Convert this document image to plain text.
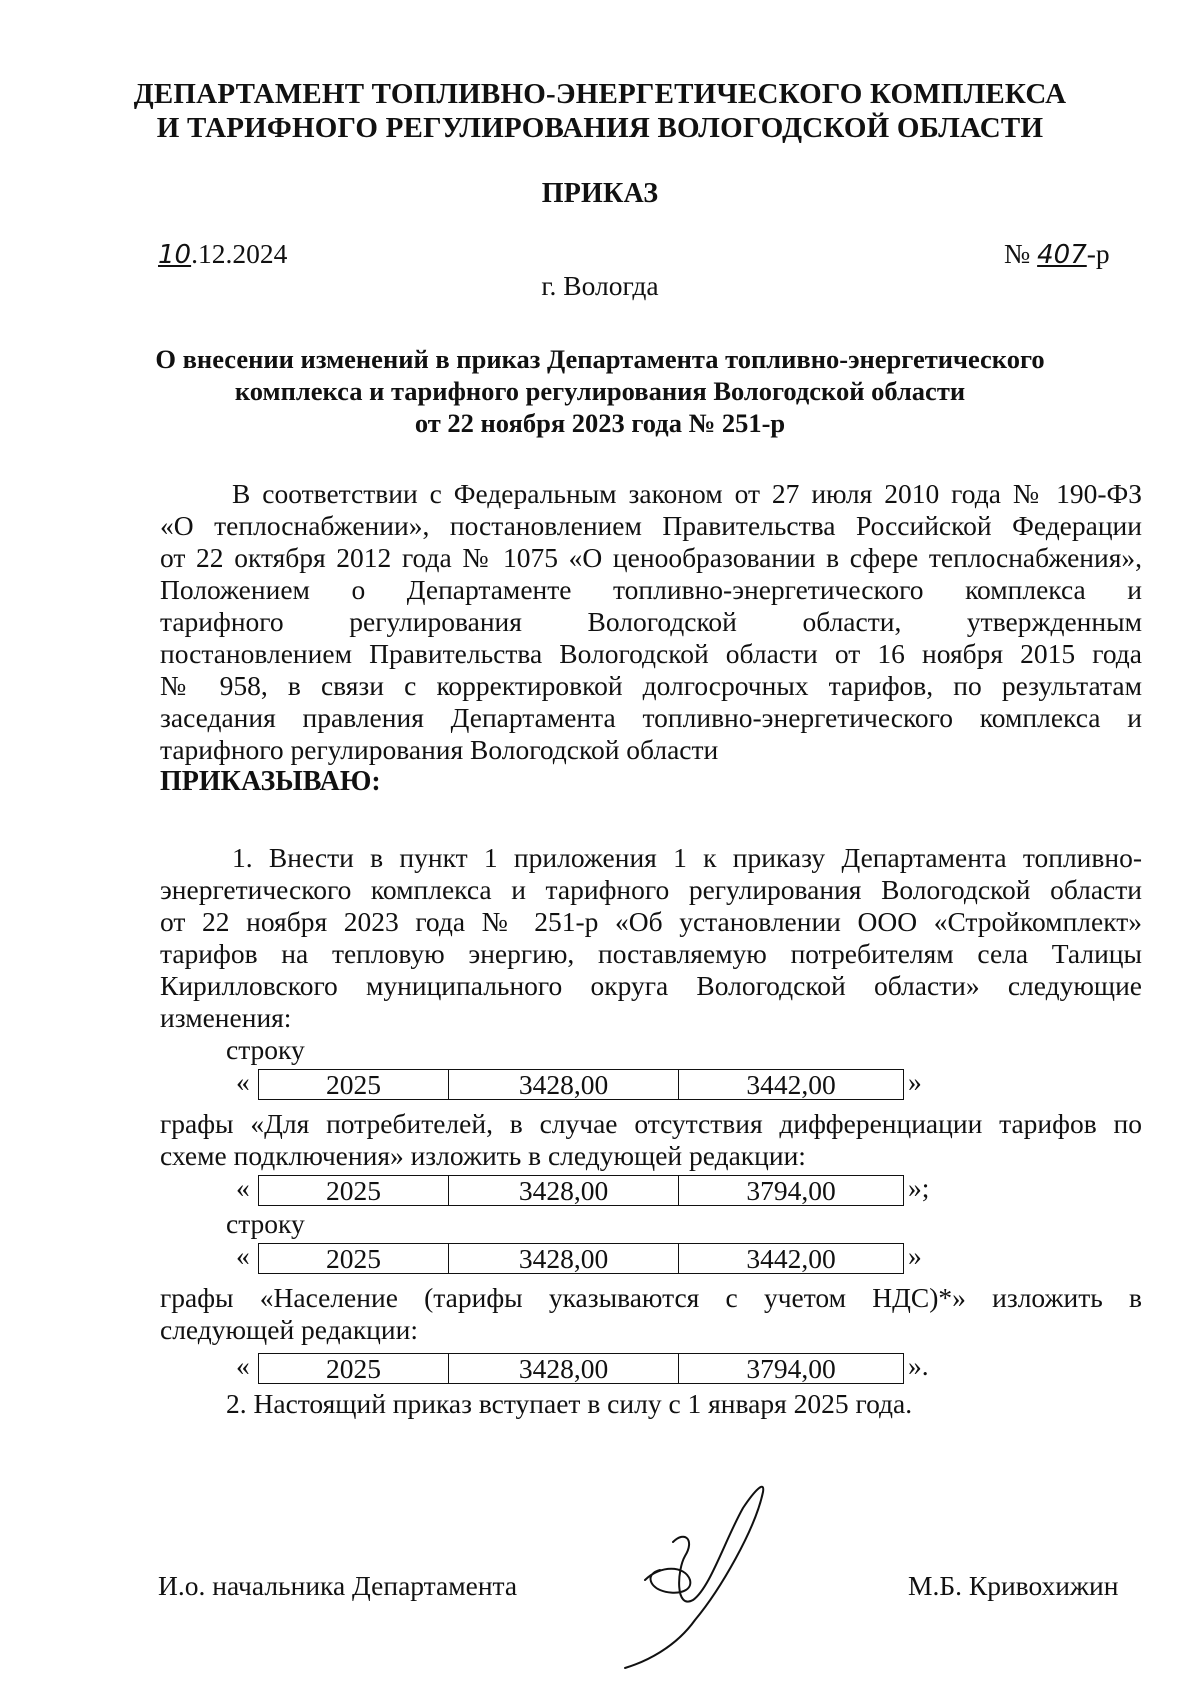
ДЕПАРТАМЕНТ ТОПЛИВНО-ЭНЕРГЕТИЧЕСКОГО КОМПЛЕКСА
И ТАРИФНОГО РЕГУЛИРОВАНИЯ ВОЛОГОДСКОЙ ОБЛАСТИ
ПРИКАЗ
10.12.2024	№ 407-р
г. Вологда
О внесении изменений в приказ Департамента топливно-энергетического
комплекса и тарифного регулирования Вологодской области
от 22 ноября 2023 года № 251-р
В соответствии с Федеральным законом от 27 июля 2010 года № 190-ФЗ
«О теплоснабжении», постановлением Правительства Российской Федерации
от 22 октября 2012 года № 1075 «О ценообразовании в сфере теплоснабжения»,
Положением о Департаменте топливно-энергетического комплекса и
тарифного регулирования Вологодской области, утвержденным
постановлением Правительства Вологодской области от 16 ноября 2015 года
№ 958, в связи с корректировкой долгосрочных тарифов, по результатам
заседания правления Департамента топливно-энергетического комплекса и
тарифного регулирования Вологодской области
ПРИКАЗЫВАЮ:
1. Внести в пункт 1 приложения 1 к приказу Департамента топливно-
энергетического комплекса и тарифного регулирования Вологодской области
от 22 ноября 2023 года № 251-р «Об установлении ООО «Стройкомплект»
тарифов на тепловую энергию, поставляемую потребителям села Талицы
Кирилловского муниципального округа Вологодской области» следующие
изменения:
строку
«	2025	3428,00	3442,00	»
графы «Для потребителей, в случае отсутствия дифференциации тарифов по
схеме подключения» изложить в следующей редакции:
«	2025	3428,00	3794,00	»;
строку
«	2025	3428,00	3442,00	»
графы «Население (тарифы указываются с учетом НДС)*» изложить в
следующей редакции:
«	2025	3428,00	3794,00	».
2. Настоящий приказ вступает в силу с 1 января 2025 года.
И.о. начальника Департамента	М.Б. Кривохижин
